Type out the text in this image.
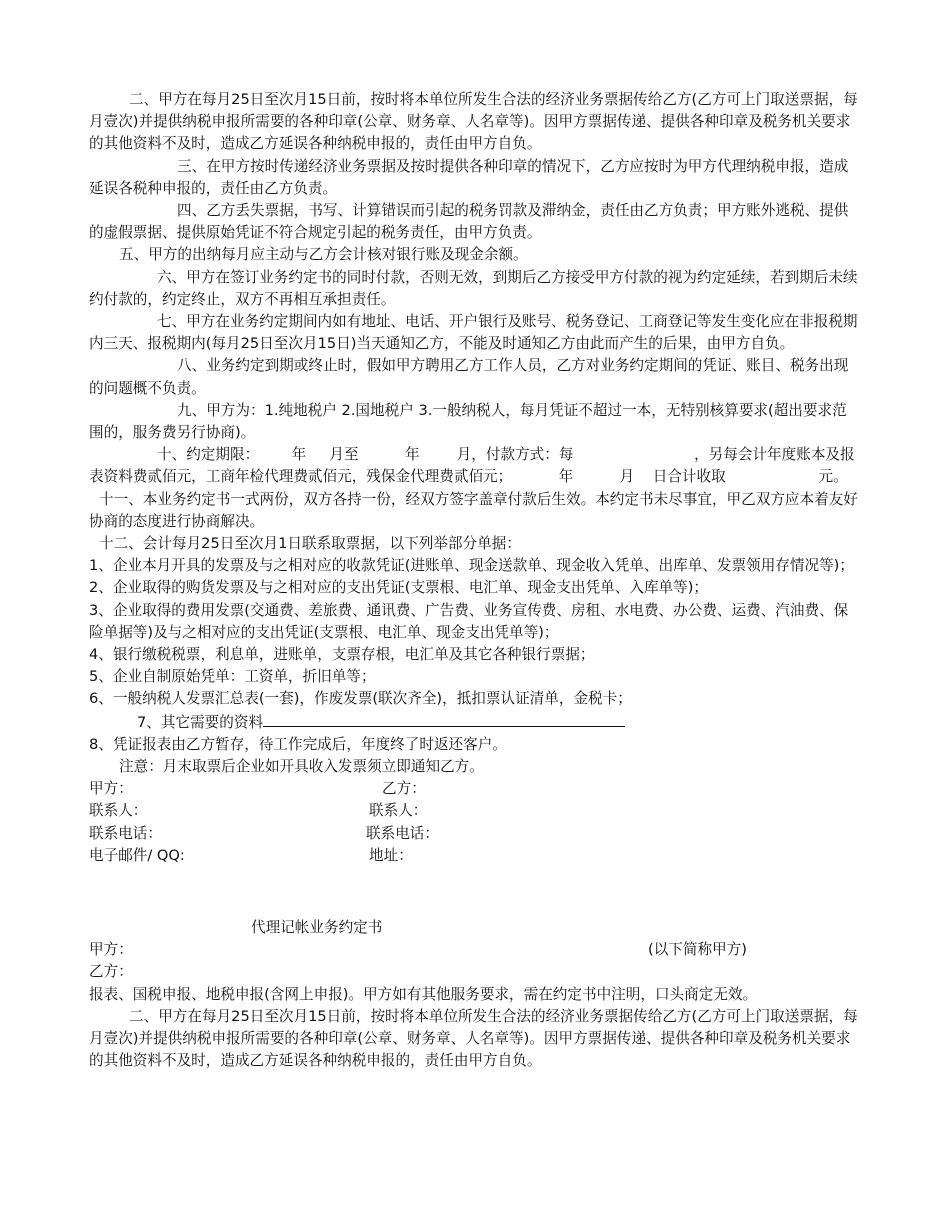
二、甲方在每月25日至次月15日前，按时将本单位所发生合法的经济业务票据传给乙方(乙方可上门取送票据，每月壹次)并提供纳税申报所需要的各种印章(公章、财务章、人名章等)。因甲方票据传递、提供各种印章及税务机关要求的其他资料不及时，造成乙方延误各种纳税申报的，责任由甲方自负。

三、在甲方按时传递经济业务票据及按时提供各种印章的情况下，乙方应按时为甲方代理纳税申报，造成延误各税种申报的，责任由乙方负责。

四、乙方丢失票据，书写、计算错误而引起的税务罚款及滞纳金，责任由乙方负责；甲方账外逃税、提供的虚假票据、提供原始凭证不符合规定引起的税务责任，由甲方负责。

五、甲方的出纳每月应主动与乙方会计核对银行账及现金余额。

六、甲方在签订业务约定书的同时付款，否则无效，到期后乙方接受甲方付款的视为约定延续，若到期后未续约付款的，约定终止，双方不再相互承担责任。

七、甲方在业务约定期间内如有地址、电话、开户银行及账号、税务登记、工商登记等发生变化应在非报税期内三天、报税期内(每月25日至次月15日)当天通知乙方，不能及时通知乙方由此而产生的后果，由甲方自负。

八、业务约定到期或终止时，假如甲方聘用乙方工作人员，乙方对业务约定期间的凭证、账目、税务出现的问题概不负责。

九、甲方为：1.纯地税户 2.国地税户 3.一般纳税人，每月凭证不超过一本，无特别核算要求(超出要求范围的，服务费另行协商)。

十、约定期限：       年     月至          年        月，付款方式：每                          ，另每会计年度账本及报表资料费贰佰元，工商年检代理费贰佰元，残保金代理费贰佰元；          年          月    日合计收取                    元。

十一、本业务约定书一式两份，双方各持一份，经双方签字盖章付款后生效。本约定书未尽事宜，甲乙双方应本着友好协商的态度进行协商解决。

十二、会计每月25日至次月1日联系取票据，以下列举部分单据：

1、企业本月开具的发票及与之相对应的收款凭证(进账单、现金送款单、现金收入凭单、出库单、发票领用存情况等)；

2、企业取得的购货发票及与之相对应的支出凭证(支票根、电汇单、现金支出凭单、入库单等)；

3、企业取得的费用发票(交通费、差旅费、通讯费、广告费、业务宣传费、房租、水电费、办公费、运费、汽油费、保险单据等)及与之相对应的支出凭证(支票根、电汇单、现金支出凭单等)；

4、银行缴税税票，利息单，进账单，支票存根，电汇单及其它各种银行票据；

5、企业自制原始凭单：工资单，折旧单等；

6、一般纳税人发票汇总表(一套)，作废发票(联次齐全)，抵扣票认证清单，金税卡；

7、其它需要的资料

8、凭证报表由乙方暂存，待工作完成后，年度终了时返还客户。

注意：月末取票后企业如开具收入发票须立即通知乙方。

甲方：	乙方：
联系人：	联系人：
联系电话：	联系电话：
电子邮件/ QQ:	地址：

代理记帐业务约定书

甲方：	(以下简称甲方)
乙方：

报表、国税申报、地税申报(含网上申报)。甲方如有其他服务要求，需在约定书中注明，口头商定无效。

二、甲方在每月25日至次月15日前，按时将本单位所发生合法的经济业务票据传给乙方(乙方可上门取送票据，每月壹次)并提供纳税申报所需要的各种印章(公章、财务章、人名章等)。因甲方票据传递、提供各种印章及税务机关要求的其他资料不及时，造成乙方延误各种纳税申报的，责任由甲方自负。
